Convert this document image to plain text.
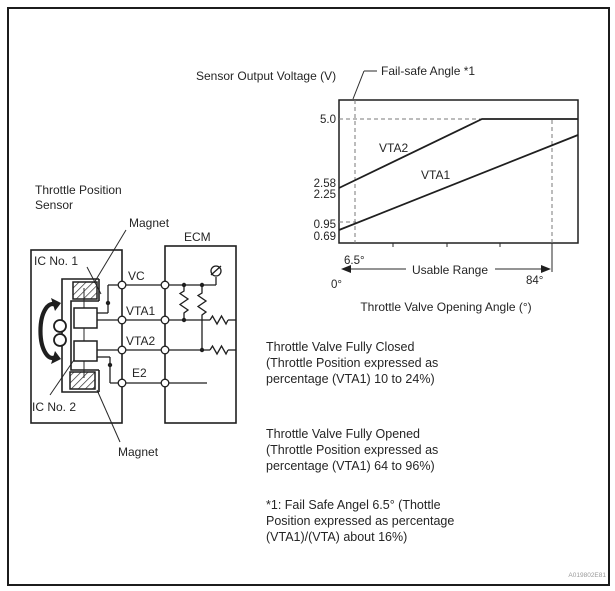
Sensor Output Voltage (V)	Fail-safe Angle *1
VTA2
VTA1
5.0
2.58
2.25
0.95
0.69
6.5°
Usable Range
0°	84°
Throttle Valve Opening Angle (°)
Throttle Position
Sensor
Magnet
ECM
IC No. 1
IC No. 2
Magnet
VC
VTA1
VTA2
E2
Throttle Valve Fully Closed
(Throttle Position expressed as
percentage (VTA1) 10 to 24%)
Throttle Valve Fully Opened
(Throttle Position expressed as
percentage (VTA1) 64 to 96%)
*1: Fail Safe Angel 6.5° (Thottle
Position expressed as percentage
(VTA1)/(VTA) about 16%)
A019802E81
